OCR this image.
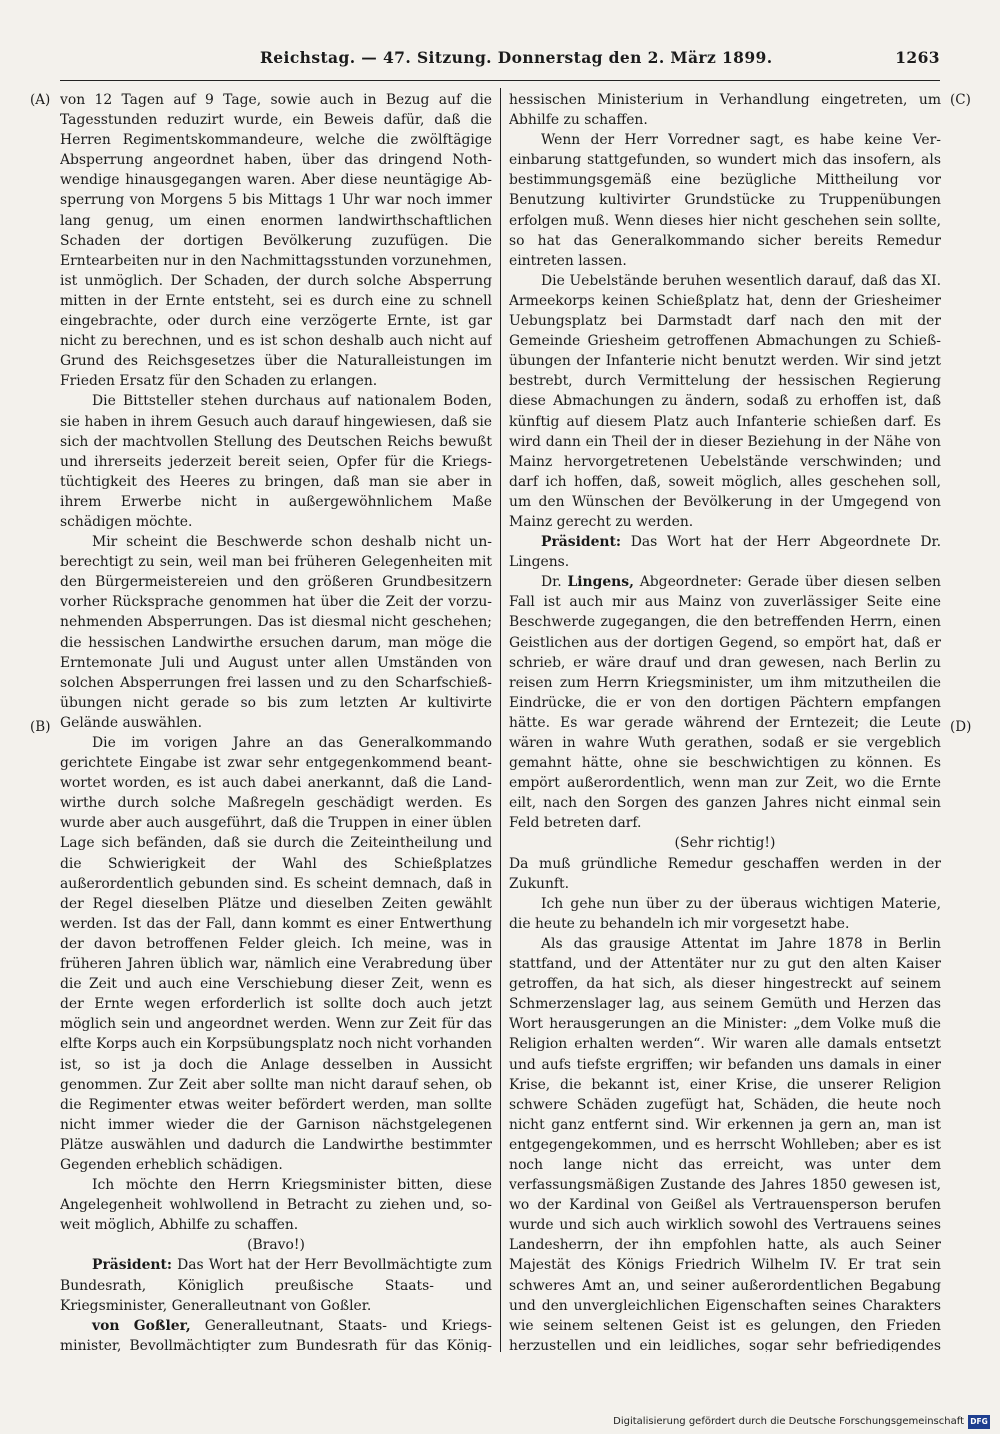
Reichstag. — 47. Sitzung. Donnerstag den 2. März 1899.	1263
(A)
(B)
(C)
(D)

von 12 Tagen auf 9 Tage, sowie auch in Bezug auf die Tagesstunden reduzirt wurde, ein Beweis dafür, daß die Herren Regimentskommandeure, welche die zwölftägige Absperrung angeordnet haben, über das dringend Nothwendige hinausgegangen waren. Aber diese neuntägige Absperrung von Morgens 5 bis Mittags 1 Uhr war noch immer lang genug, um einen enormen landwirthschaftlichen Schaden der dortigen Bevölkerung zuzufügen. Die Erntearbeiten nur in den Nachmittagsstunden vorzunehmen, ist unmöglich. Der Schaden, der durch solche Absperrung mitten in der Ernte entsteht, sei es durch eine zu schnell eingebrachte, oder durch eine verzögerte Ernte, ist gar nicht zu berechnen, und es ist schon deshalb auch nicht auf Grund des Reichsgesetzes über die Naturalleistungen im Frieden Ersatz für den Schaden zu erlangen.

Die Bittsteller stehen durchaus auf nationalem Boden, sie haben in ihrem Gesuch auch darauf hingewiesen, daß sie sich der machtvollen Stellung des Deutschen Reichs bewußt und ihrerseits jederzeit bereit seien, Opfer für die Kriegstüchtigkeit des Heeres zu bringen, daß man sie aber in ihrem Erwerbe nicht in außergewöhnlichem Maße schädigen möchte.

Mir scheint die Beschwerde schon deshalb nicht unberechtigt zu sein, weil man bei früheren Gelegenheiten mit den Bürgermeistereien und den größeren Grundbesitzern vorher Rücksprache genommen hat über die Zeit der vorzunehmenden Absperrungen. Das ist diesmal nicht geschehen; die hessischen Landwirthe ersuchen darum, man möge die Erntemonate Juli und August unter allen Umständen von solchen Absperrungen frei lassen und zu den Scharfschießübungen nicht gerade so bis zum letzten Ar kultivirte Gelände auswählen.

Die im vorigen Jahre an das Generalkommando gerichtete Eingabe ist zwar sehr entgegenkommend beantwortet worden, es ist auch dabei anerkannt, daß die Landwirthe durch solche Maßregeln geschädigt werden. Es wurde aber auch ausgeführt, daß die Truppen in einer üblen Lage sich befänden, daß sie durch die Zeiteintheilung und die Schwierigkeit der Wahl des Schießplatzes außerordentlich gebunden sind. Es scheint demnach, daß in der Regel dieselben Plätze und dieselben Zeiten gewählt werden. Ist das der Fall, dann kommt es einer Entwerthung der davon betroffenen Felder gleich. Ich meine, was in früheren Jahren üblich war, nämlich eine Verabredung über die Zeit und auch eine Verschiebung dieser Zeit, wenn es der Ernte wegen erforderlich ist sollte doch auch jetzt möglich sein und angeordnet werden. Wenn zur Zeit für das elfte Korps auch ein Korpsübungsplatz noch nicht vorhanden ist, so ist ja doch die Anlage desselben in Aussicht genommen. Zur Zeit aber sollte man nicht darauf sehen, ob die Regimenter etwas weiter befördert werden, man sollte nicht immer wieder die der Garnison nächstgelegenen Plätze auswählen und dadurch die Landwirthe bestimmter Gegenden erheblich schädigen.

Ich möchte den Herrn Kriegsminister bitten, diese Angelegenheit wohlwollend in Betracht zu ziehen und, soweit möglich, Abhilfe zu schaffen.

(Bravo!)

Präsident: Das Wort hat der Herr Bevollmächtigte zum Bundesrath, Königlich preußische Staats- und Kriegsminister, Generalleutnant von Goßler.

von Goßler, Generalleutnant, Staats- und Kriegsminister, Bevollmächtigter zum Bundesrath für das König

hessischen Ministerium in Verhandlung eingetreten, um Abhilfe zu schaffen.

Wenn der Herr Vorredner sagt, es habe keine Vereinbarung stattgefunden, so wundert mich das insofern, als bestimmungsgemäß eine bezügliche Mittheilung vor Benutzung kultivirter Grundstücke zu Truppenübungen erfolgen muß. Wenn dieses hier nicht geschehen sein sollte, so hat das Generalkommando sicher bereits Remedur eintreten lassen.

Die Uebelstände beruhen wesentlich darauf, daß das XI. Armeekorps keinen Schießplatz hat, denn der Griesheimer Uebungsplatz bei Darmstadt darf nach den mit der Gemeinde Griesheim getroffenen Abmachungen zu Schießübungen der Infanterie nicht benutzt werden. Wir sind jetzt bestrebt, durch Vermittelung der hessischen Regierung diese Abmachungen zu ändern, sodaß zu erhoffen ist, daß künftig auf diesem Platz auch Infanterie schießen darf. Es wird dann ein Theil der in dieser Beziehung in der Nähe von Mainz hervorgetretenen Uebelstände verschwinden; und darf ich hoffen, daß, soweit möglich, alles geschehen soll, um den Wünschen der Bevölkerung in der Umgegend von Mainz gerecht zu werden.

Präsident: Das Wort hat der Herr Abgeordnete Dr. Lingens.

Dr. Lingens, Abgeordneter: Gerade über diesen selben Fall ist auch mir aus Mainz von zuverlässiger Seite eine Beschwerde zugegangen, die den betreffenden Herrn, einen Geistlichen aus der dortigen Gegend, so empört hat, daß er schrieb, er wäre drauf und dran gewesen, nach Berlin zu reisen zum Herrn Kriegsminister, um ihm mitzutheilen die Eindrücke, die er von den dortigen Pächtern empfangen hätte. Es war gerade während der Erntezeit; die Leute wären in wahre Wuth gerathen, sodaß er sie vergeblich gemahnt hätte, ohne sie beschwichtigen zu können. Es empört außerordentlich, wenn man zur Zeit, wo die Ernte eilt, nach den Sorgen des ganzen Jahres nicht einmal sein Feld betreten darf.

(Sehr richtig!)

Da muß gründliche Remedur geschaffen werden in der Zukunft.

Ich gehe nun über zu der überaus wichtigen Materie, die heute zu behandeln ich mir vorgesetzt habe.

Als das grausige Attentat im Jahre 1878 in Berlin stattfand, und der Attentäter nur zu gut den alten Kaiser getroffen, da hat sich, als dieser hingestreckt auf seinem Schmerzenslager lag, aus seinem Gemüth und Herzen das Wort herausgerungen an die Minister: „dem Volke muß die Religion erhalten werden“. Wir waren alle damals entsetzt und aufs tiefste ergriffen; wir befanden uns damals in einer Krise, die bekannt ist, einer Krise, die unserer Religion schwere Schäden zugefügt hat, Schäden, die heute noch nicht ganz entfernt sind. Wir erkennen ja gern an, man ist entgegengekommen, und es herrscht Wohlleben; aber es ist noch lange nicht das erreicht, was unter dem verfassungsmäßigen Zustande des Jahres 1850 gewesen ist, wo der Kardinal von Geißel als Vertrauensperson berufen wurde und sich auch wirklich sowohl des Vertrauens seines Landesherrn, der ihn empfohlen hatte, als auch Seiner Majestät des Königs Friedrich Wilhelm IV. Er trat sein schweres Amt an, und seiner außerordentlichen Begabung und den unvergleichlichen Eigenschaften seines Charakters wie seinem seltenen Geist ist es gelungen, den Frieden herzustellen und ein leidliches, sogar sehr befriedigendes

Digitalisierung gefördert durch die Deutsche Forschungsgemeinschaft DFG
